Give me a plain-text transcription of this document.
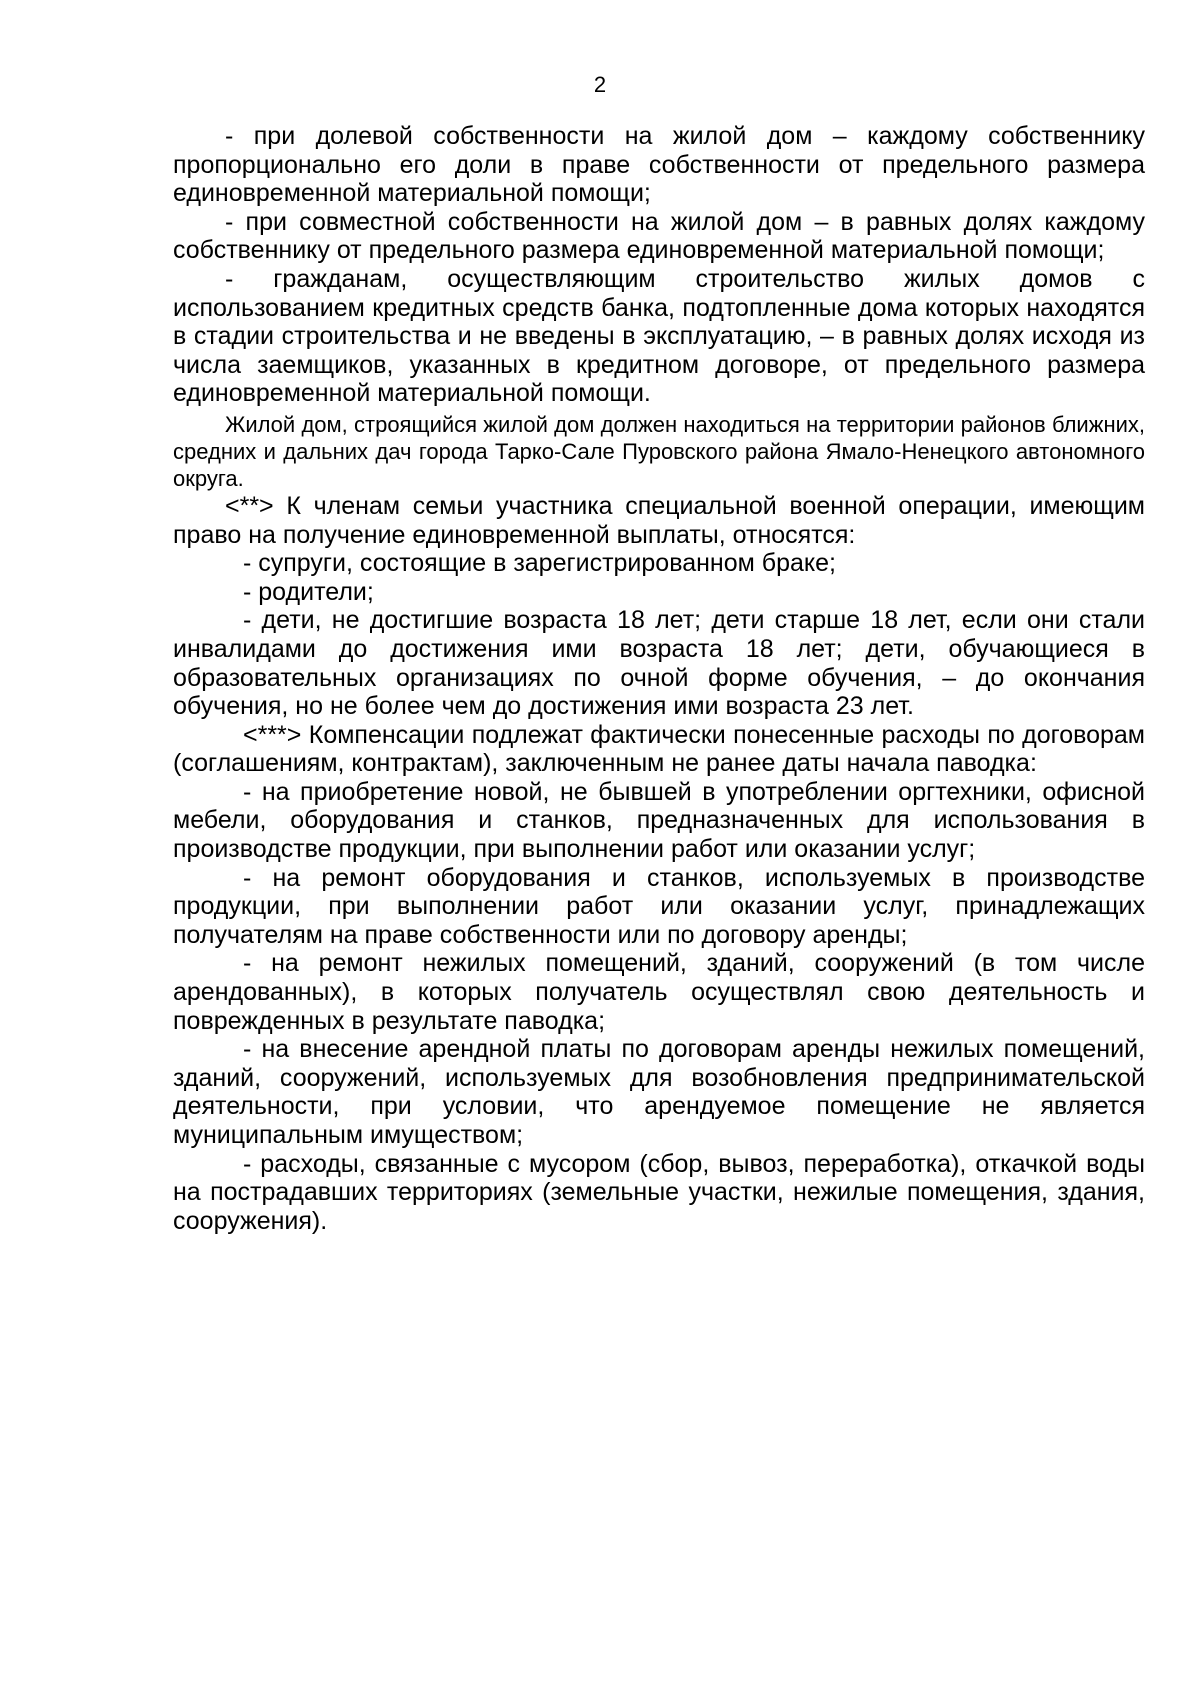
2

- при долевой собственности на жилой дом – каждому собственнику пропорционально его доли в праве собственности от предельного размера единовременной материальной помощи;

- при совместной собственности на жилой дом – в равных долях каждому собственнику от предельного размера единовременной материальной помощи;

- гражданам, осуществляющим строительство жилых домов с использованием кредитных средств банка, подтопленные дома которых находятся в стадии строительства и не введены в эксплуатацию, – в равных долях исходя из числа заемщиков, указанных в кредитном договоре, от предельного размера единовременной материальной помощи.

Жилой дом, строящийся жилой дом должен находиться на территории районов ближних, средних и дальних дач города Тарко-Сале Пуровского района Ямало-Ненецкого автономного округа.

<**> К членам семьи участника специальной военной операции, имеющим право на получение единовременной выплаты, относятся:

- супруги, состоящие в зарегистрированном браке;

- родители;

- дети, не достигшие возраста 18 лет; дети старше 18 лет, если они стали инвалидами до достижения ими возраста 18 лет; дети, обучающиеся в образовательных организациях по очной форме обучения, – до окончания обучения, но не более чем до достижения ими возраста 23 лет.

<***> Компенсации подлежат фактически понесенные расходы по договорам (соглашениям, контрактам), заключенным не ранее даты начала паводка:

- на приобретение новой, не бывшей в употреблении оргтехники, офисной мебели, оборудования и станков, предназначенных для использования в производстве продукции, при выполнении работ или оказании услуг;

- на ремонт оборудования и станков, используемых в производстве продукции, при выполнении работ или оказании услуг, принадлежащих получателям на праве собственности или по договору аренды;

- на ремонт нежилых помещений, зданий, сооружений (в том числе арендованных), в которых получатель осуществлял свою деятельность и поврежденных в результате паводка;

- на внесение арендной платы по договорам аренды нежилых помещений, зданий, сооружений, используемых для возобновления предпринимательской деятельности, при условии, что арендуемое помещение не является муниципальным имуществом;

- расходы, связанные с мусором (сбор, вывоз, переработка), откачкой воды на пострадавших территориях (земельные участки, нежилые помещения, здания, сооружения).
